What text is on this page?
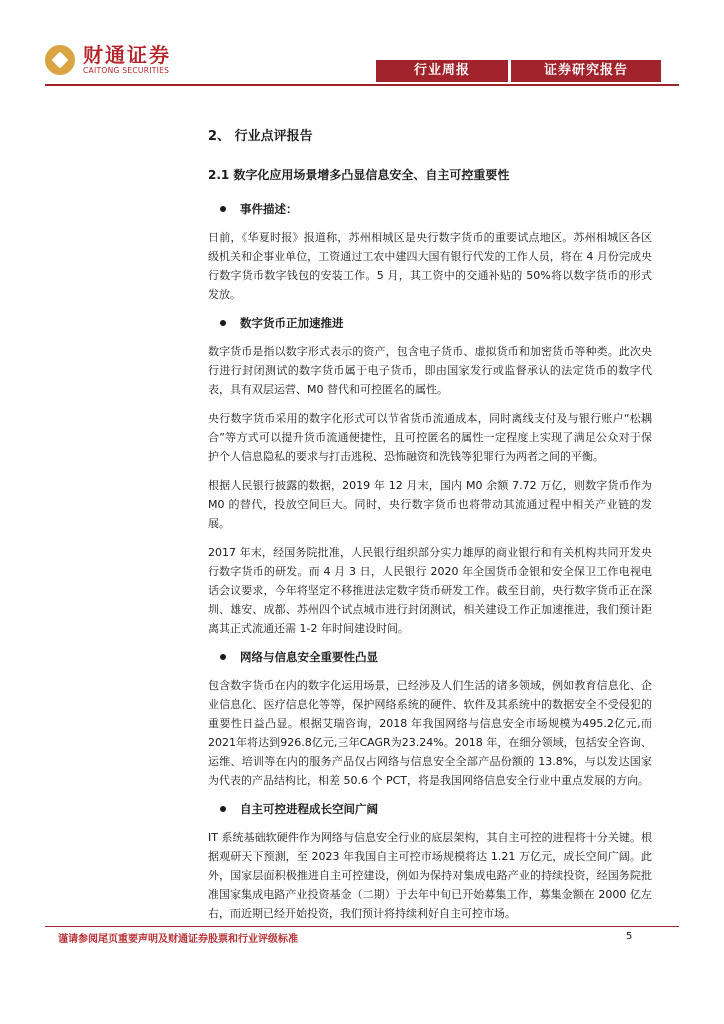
财通证券
CAITONG SECURITIES	行业周报	证券研究报告
2、 行业点评报告
2.1 数字化应用场景增多凸显信息安全、自主可控重要性
事件描述：
日前，《华夏时报》报道称，苏州相城区是央行数字货币的重要试点地区。苏州相城区各区级机关和企事业单位，工资通过工农中建四大国有银行代发的工作人员，将在 4 月份完成央行数字货币数字钱包的安装工作。5 月，其工资中的交通补贴的 50%将以数字货币的形式发放。
数字货币正加速推进
数字货币是指以数字形式表示的资产，包含电子货币、虚拟货币和加密货币等种类。此次央行进行封闭测试的数字货币属于电子货币，即由国家发行或监督承认的法定货币的数字代表，具有双层运营、M0 替代和可控匿名的属性。
央行数字货币采用的数字化形式可以节省货币流通成本，同时离线支付及与银行账户“松耦合”等方式可以提升货币流通便捷性，且可控匿名的属性一定程度上实现了满足公众对于保护个人信息隐私的要求与打击逃税、恐怖融资和洗钱等犯罪行为两者之间的平衡。
根据人民银行披露的数据，2019 年 12 月末，国内 M0 余额 7.72 万亿，则数字货币作为 M0 的替代，投放空间巨大。同时，央行数字货币也将带动其流通过程中相关产业链的发展。
2017 年末，经国务院批准，人民银行组织部分实力雄厚的商业银行和有关机构共同开发央行数字货币的研发。而 4 月 3 日，人民银行 2020 年全国货币金银和安全保卫工作电视电话会议要求，今年将坚定不移推进法定数字货币研发工作。截至目前，央行数字货币正在深圳、雄安、成都、苏州四个试点城市进行封闭测试，相关建设工作正加速推进，我们预计距离其正式流通还需 1-2 年时间建设时间。
网络与信息安全重要性凸显
包含数字货币在内的数字化运用场景，已经涉及人们生活的诸多领域，例如教育信息化、企业信息化、医疗信息化等等，保护网络系统的硬件、软件及其系统中的数据安全不受侵犯的重要性日益凸显。根据艾瑞咨询，2018 年我国网络与信息安全市场规模为495.2亿元,而2021年将达到926.8亿元,三年CAGR为23.24%。2018 年，在细分领域，包括安全咨询、运维、培训等在内的服务产品仅占网络与信息安全全部产品份额的 13.8%，与以发达国家为代表的产品结构比，相差 50.6 个 PCT，将是我国网络信息安全行业中重点发展的方向。
自主可控进程成长空间广阔
IT 系统基础软硬件作为网络与信息安全行业的底层架构，其自主可控的进程将十分关键。根据观研天下预测，至 2023 年我国自主可控市场规模将达 1.21 万亿元，成长空间广阔。此外，国家层面积极推进自主可控建设，例如为保持对集成电路产业的持续投资，经国务院批准国家集成电路产业投资基金（二期）于去年中旬已开始募集工作，募集金额在 2000 亿左右，而近期已经开始投资，我们预计将持续利好自主可控市场。
谨请参阅尾页重要声明及财通证券股票和行业评级标准	5
